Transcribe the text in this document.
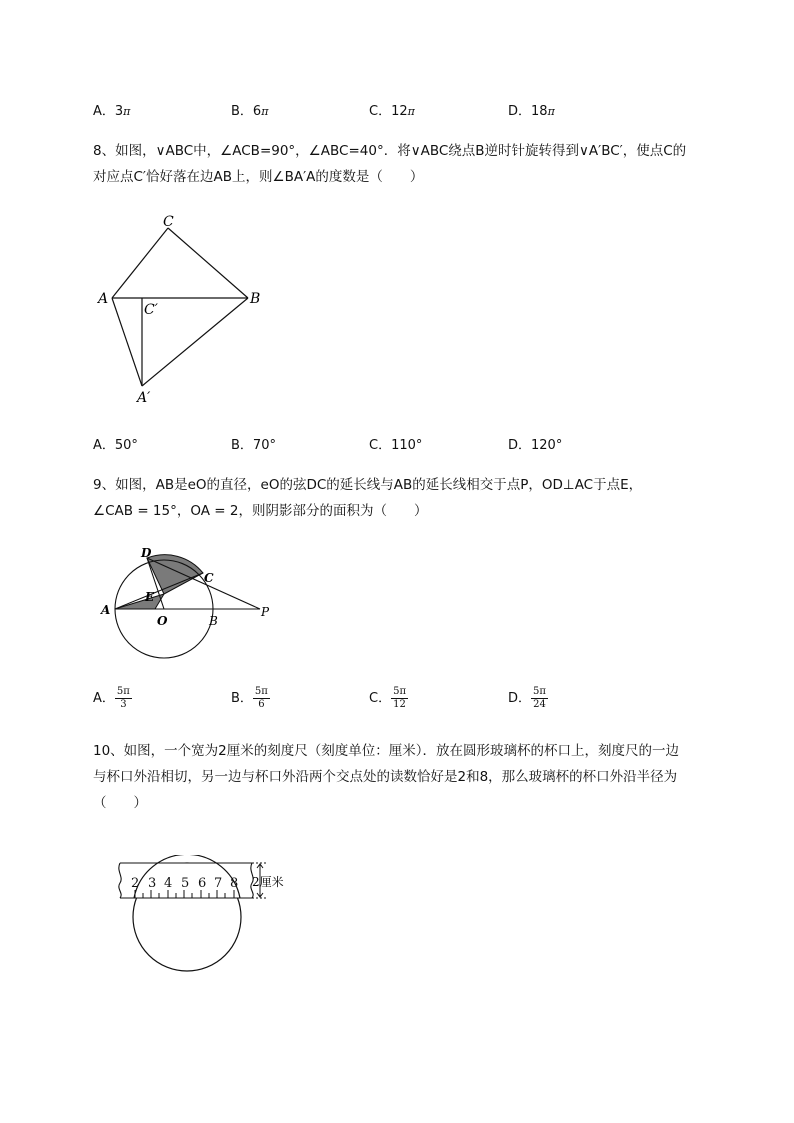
A．3π	B．6π	C．12π	D．18π
8、如图，∨ABC中，∠ACB=90°，∠ABC=40°．将∨ABC绕点B逆时针旋转得到∨A′BC′，使点C的
对应点C′恰好落在边AB上，则∠BA′A的度数是（　　）
C
A	B
C′
A′
A．50°	B．70°	C．110°	D．120°
9、如图，AB是eO的直径，eO的弦DC的延长线与AB的延长线相交于点P，OD⊥AC于点E，
∠CAB = 15°，OA = 2，则阴影部分的面积为（　　）
D
C
E
A
O	B
P
A． $\frac{5\pi}{3}$	B． $\frac{5\pi}{6}$	C． $\frac{5\pi}{12}$	D． $\frac{5\pi}{24}$
10、如图，一个宽为2厘米的刻度尺（刻度单位：厘米）．放在圆形玻璃杯的杯口上，刻度尺的一边
与杯口外沿相切，另一边与杯口外沿两个交点处的读数恰好是2和8，那么玻璃杯的杯口外沿半径为
（　　）
2 3 4 5 6 7 8 2厘米
